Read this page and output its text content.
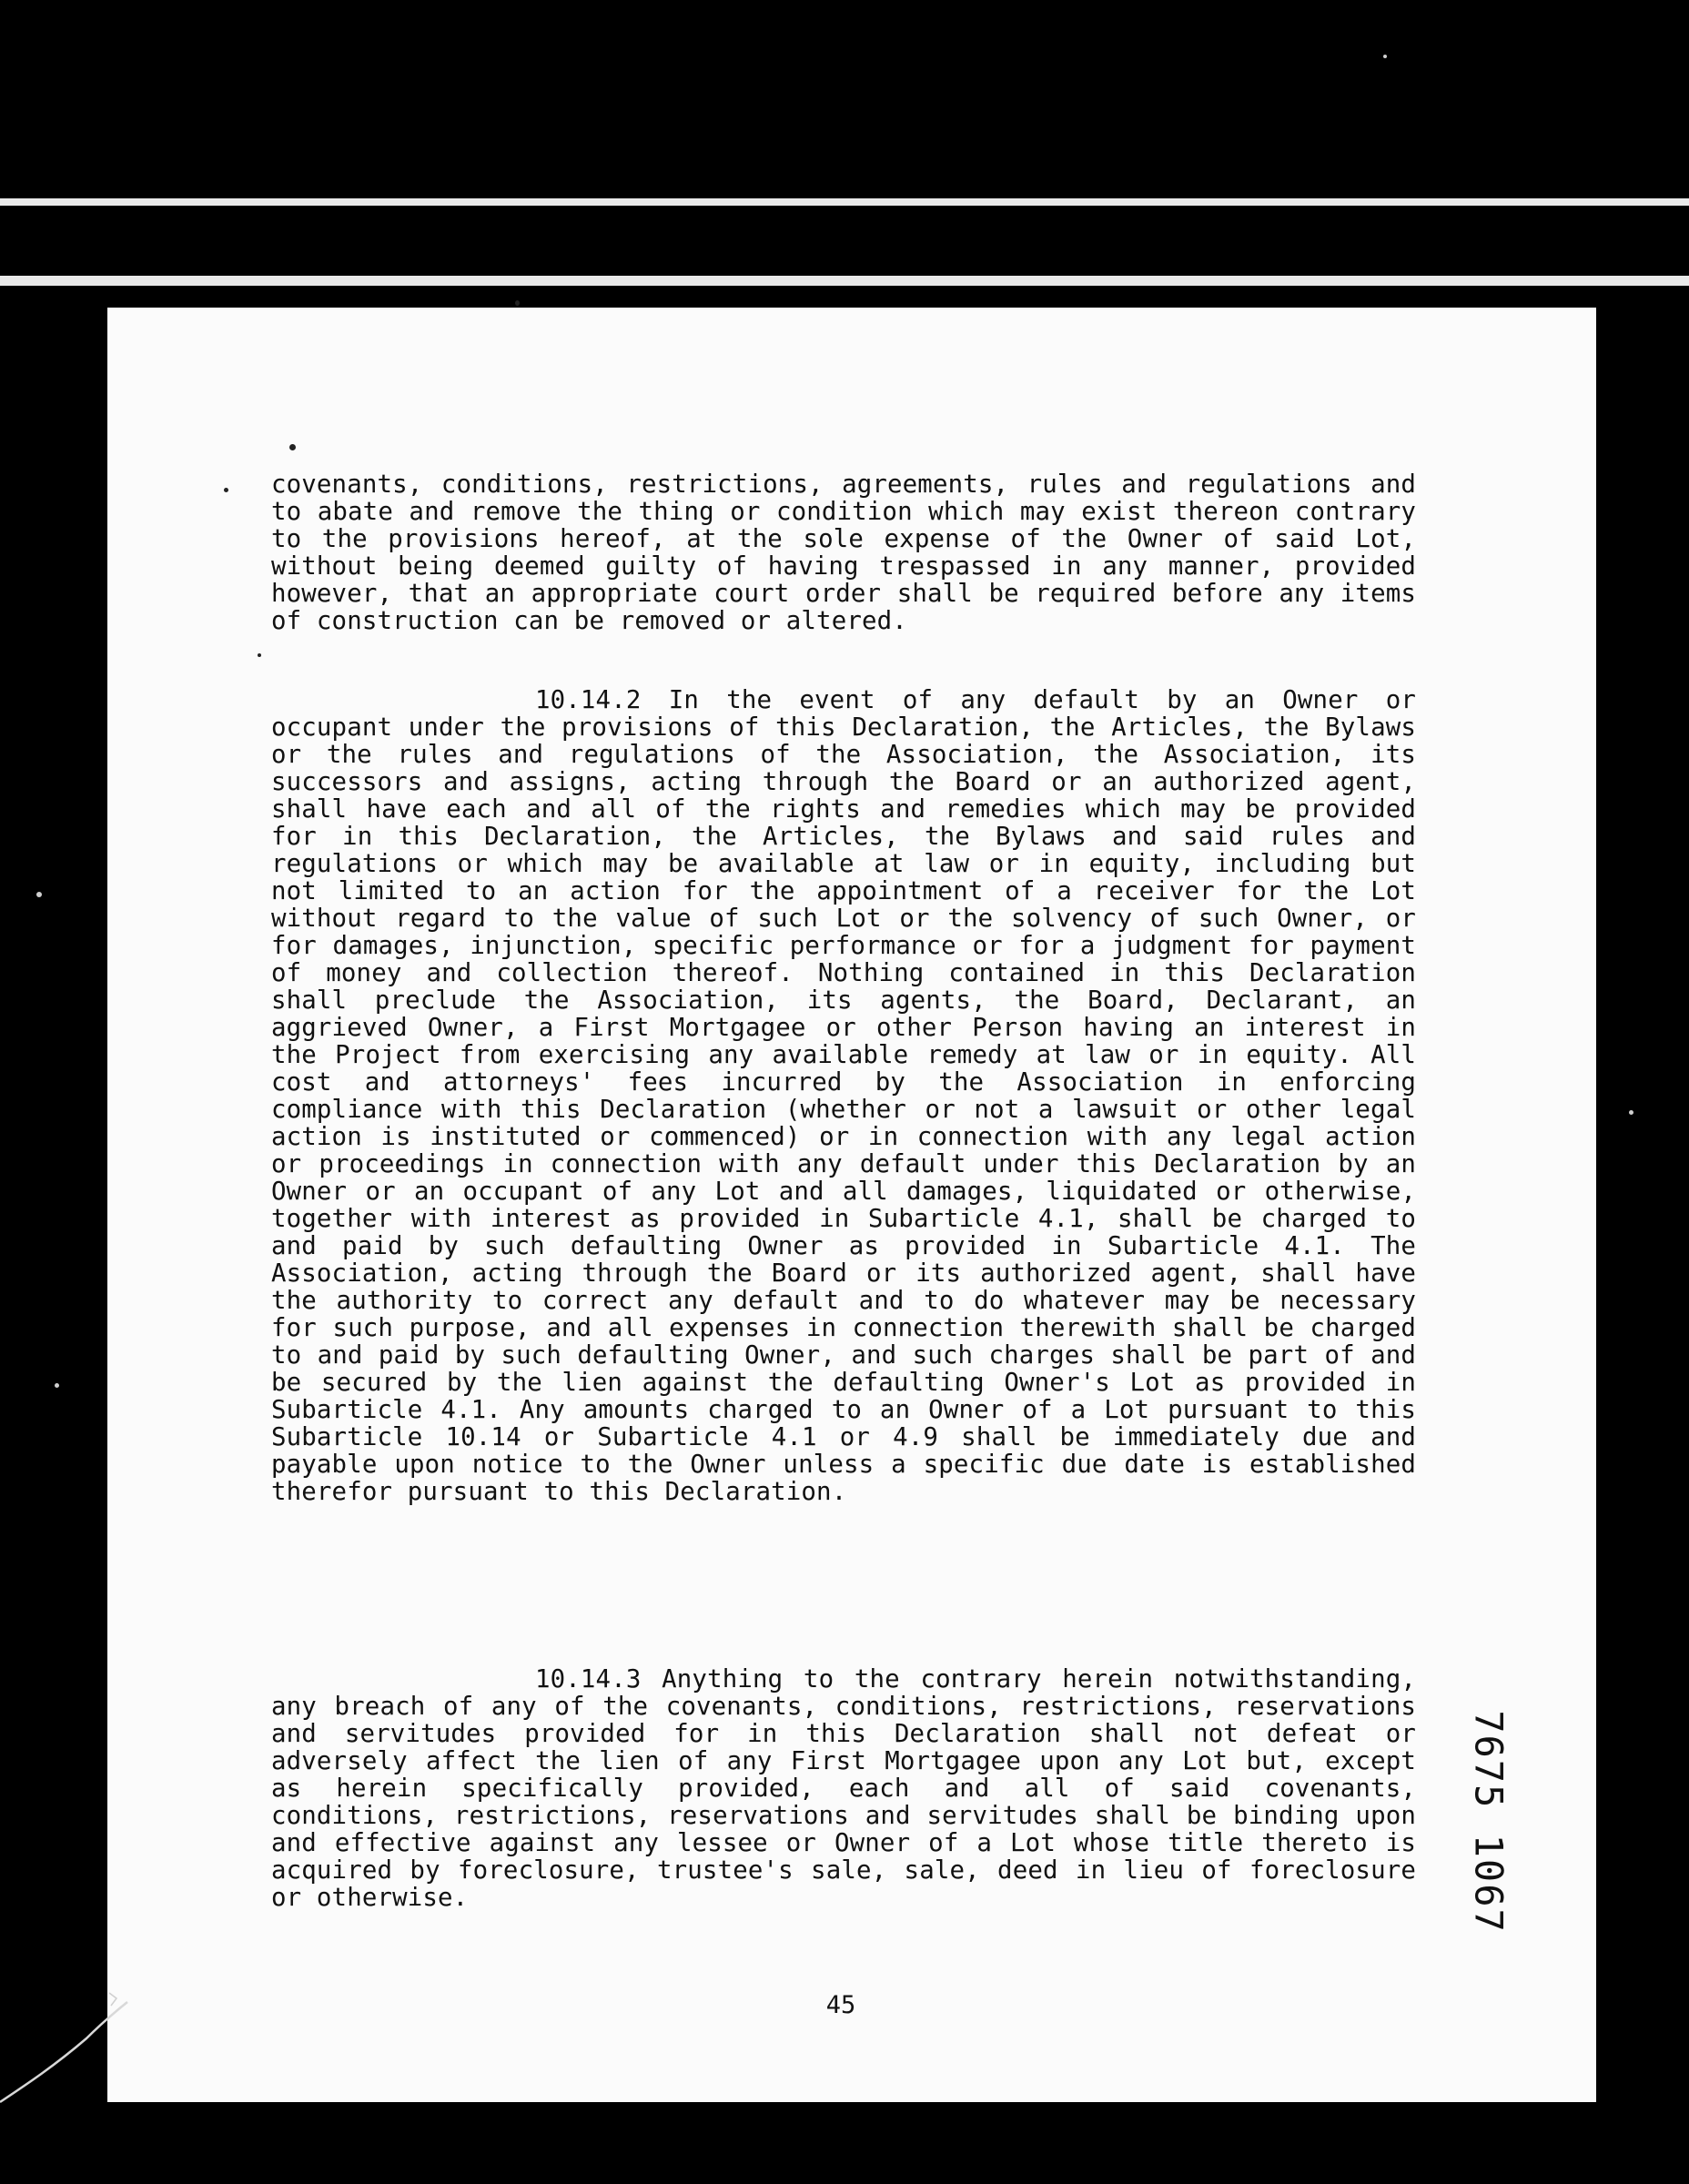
covenants, conditions, restrictions, agreements, rules and regulations and to abate and remove the thing or condition which may exist thereon contrary to the provisions hereof, at the sole expense of the Owner of said Lot, without being deemed guilty of having trespassed in any manner, provided however, that an appropriate court order shall be required before any items of construction can be removed or altered.

10.14.2 In the event of any default by an Owner or occupant under the provisions of this Declaration, the Articles, the Bylaws or the rules and regulations of the Association, the Association, its successors and assigns, acting through the Board or an authorized agent, shall have each and all of the rights and remedies which may be provided for in this Declaration, the Articles, the Bylaws and said rules and regulations or which may be available at law or in equity, including but not limited to an action for the appointment of a receiver for the Lot without regard to the value of such Lot or the solvency of such Owner, or for damages, injunction, specific performance or for a judgment for payment of money and collection thereof. Nothing contained in this Declaration shall preclude the Association, its agents, the Board, Declarant, an aggrieved Owner, a First Mortgagee or other Person having an interest in the Project from exercising any available remedy at law or in equity. All cost and attorneys' fees incurred by the Association in enforcing compliance with this Declaration (whether or not a lawsuit or other legal action is instituted or commenced) or in connection with any legal action or proceedings in connection with any default under this Declaration by an Owner or an occupant of any Lot and all damages, liquidated or otherwise, together with interest as provided in Subarticle 4.1, shall be charged to and paid by such defaulting Owner as provided in Subarticle 4.1. The Association, acting through the Board or its authorized agent, shall have the authority to correct any default and to do whatever may be necessary for such purpose, and all expenses in connection therewith shall be charged to and paid by such defaulting Owner, and such charges shall be part of and be secured by the lien against the defaulting Owner's Lot as provided in Subarticle 4.1. Any amounts charged to an Owner of a Lot pursuant to this Subarticle 10.14 or Subarticle 4.1 or 4.9 shall be immediately due and payable upon notice to the Owner unless a specific due date is established therefor pursuant to this Declaration.

10.14.3 Anything to the contrary herein notwithstanding, any breach of any of the covenants, conditions, restrictions, reservations and servitudes provided for in this Declaration shall not defeat or adversely affect the lien of any First Mortgagee upon any Lot but, except as herein specifically provided, each and all of said covenants, conditions, restrictions, reservations and servitudes shall be binding upon and effective against any lessee or Owner of a Lot whose title thereto is acquired by foreclosure, trustee's sale, sale, deed in lieu of foreclosure or otherwise.

45
7675 1067
